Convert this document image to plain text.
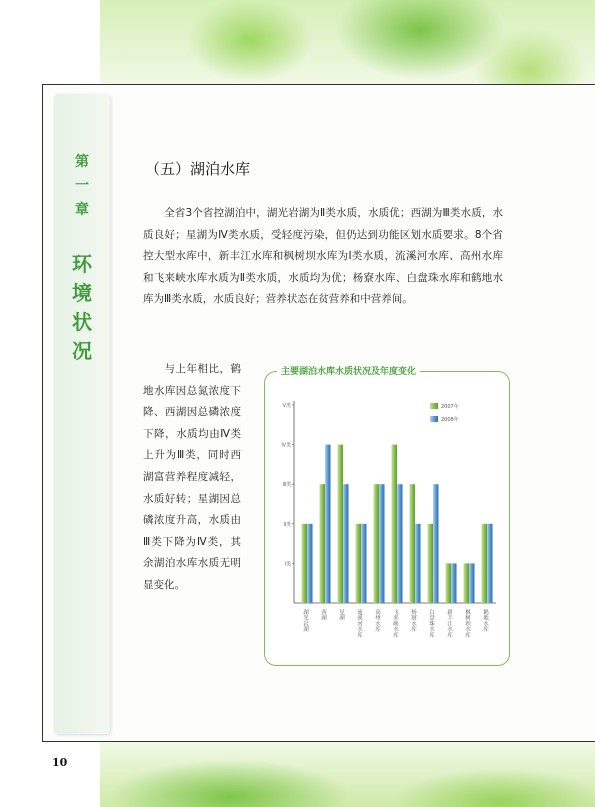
第一章
环境状况
（五）湖泊水库

全省3个省控湖泊中，湖光岩湖为Ⅱ类水质，水质优；西湖为Ⅲ类水质，水质良好；星湖为Ⅳ类水质，受轻度污染，但仍达到功能区划水质要求。8个省控大型水库中，新丰江水库和枫树坝水库为Ⅰ类水质，流溪河水库、高州水库和飞来峡水库水质为Ⅱ类水质，水质均为优；杨寮水库、白盘珠水库和鹤地水库为Ⅲ类水质，水质良好；营养状态在贫营养和中营养间。

与上年相比，鹤地水库因总氮浓度下降、西湖因总磷浓度下降，水质均由Ⅳ类上升为Ⅲ类，同时西湖富营养程度减轻，水质好转；星湖因总磷浓度升高，水质由Ⅲ类下降为Ⅳ类，其余湖泊水库水质无明显变化。

主要湖泊水库水质状况及年度变化
Ⅰ类
Ⅱ类
Ⅲ类
Ⅳ类
Ⅴ类
湖光岩湖 西湖 星湖 流溪河水库 高州水库 飞来峡水库 杨寮水库 白盘珠水库 新丰江水库 枫树坝水库 鹤地水库
2007年
2008年
10
